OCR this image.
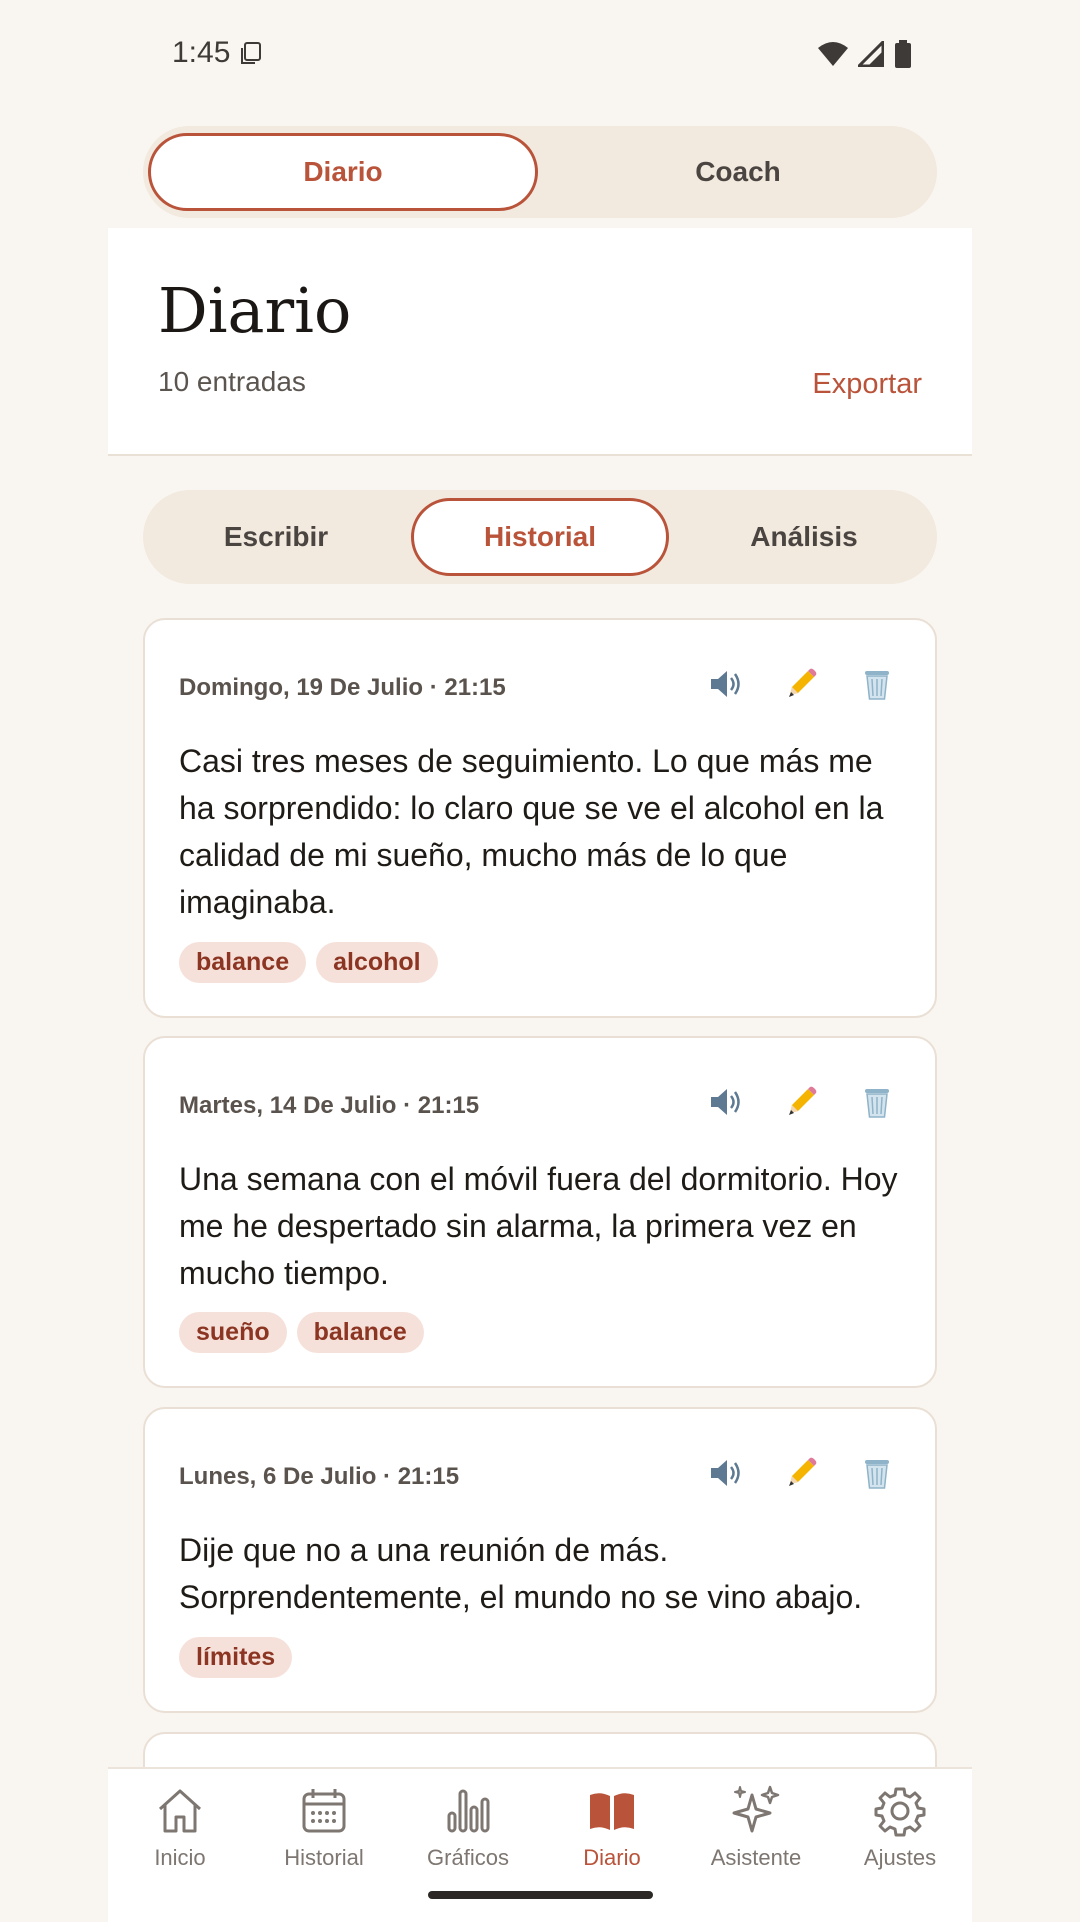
1:45
Diario	Coach
Diario
10 entradas	Exportar
Escribir	Historial	Análisis
Domingo, 19 De Julio · 21:15
Casi tres meses de seguimiento. Lo que más me ha sorprendido: lo claro que se ve el alcohol en la calidad de mi sueño, mucho más de lo que imaginaba.
balance	alcohol
Martes, 14 De Julio · 21:15
Una semana con el móvil fuera del dormitorio. Hoy me he despertado sin alarma, la primera vez en mucho tiempo.
sueño	balance
Lunes, 6 De Julio · 21:15
Dije que no a una reunión de más. Sorprendentemente, el mundo no se vino abajo.
límites
Inicio	Historial	Gráficos	Diario	Asistente	Ajustes
